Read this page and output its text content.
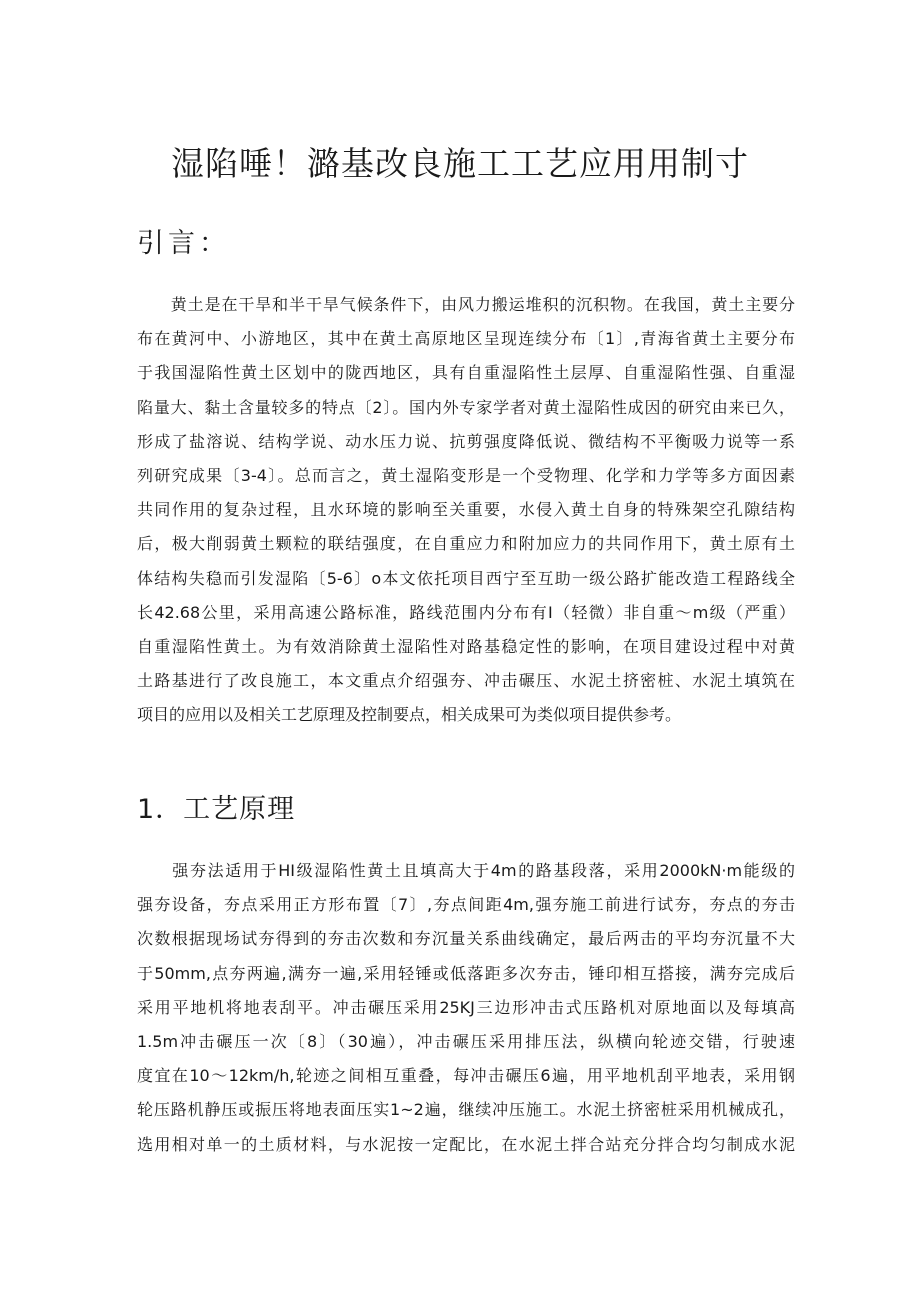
湿陷唾！潞基改良施工工艺应用用制寸
引言：
　　黄土是在干旱和半干旱气候条件下，由风力搬运堆积的沉积物。在我国，黄土主要分
布在黄河中、小游地区，其中在黄土高原地区呈现连续分布〔1〕,青海省黄土主要分布
于我国湿陷性黄土区划中的陇西地区，具有自重湿陷性土层厚、自重湿陷性强、自重湿
陷量大、黏土含量较多的特点〔2〕。国内外专家学者对黄土湿陷性成因的研究由来已久，
形成了盐溶说、结构学说、动水压力说、抗剪强度降低说、微结构不平衡吸力说等一系
列研究成果〔3-4〕。总而言之，黄土湿陷变形是一个受物理、化学和力学等多方面因素
共同作用的复杂过程，且水环境的影响至关重要，水侵入黄土自身的特殊架空孔隙结构
后，极大削弱黄土颗粒的联结强度，在自重应力和附加应力的共同作用下，黄土原有土
体结构失稳而引发湿陷〔5-6〕o本文依托项目西宁至互助一级公路扩能改造工程路线全
长42.68公里，采用高速公路标准，路线范围内分布有I（轻微）非自重～m级（严重）
自重湿陷性黄土。为有效消除黄土湿陷性对路基稳定性的影响，在项目建设过程中对黄
土路基进行了改良施工，本文重点介绍强夯、冲击碾压、水泥土挤密桩、水泥土填筑在
项目的应用以及相关工艺原理及控制要点，相关成果可为类似项目提供参考。
1．工艺原理
　　强夯法适用于HI级湿陷性黄土且填高大于4m的路基段落，采用2000kN·m能级的
强夯设备，夯点采用正方形布置〔7〕,夯点间距4m,强夯施工前进行试夯，夯点的夯击
次数根据现场试夯得到的夯击次数和夯沉量关系曲线确定，最后两击的平均夯沉量不大
于50mm,点夯两遍,满夯一遍,采用轻锤或低落距多次夯击，锤印相互搭接，满夯完成后
采用平地机将地表刮平。冲击碾压采用25KJ三边形冲击式压路机对原地面以及每填高
1.5m冲击碾压一次〔8〕（30遍），冲击碾压采用排压法，纵横向轮迹交错，行驶速
度宜在10～12km/h,轮迹之间相互重叠，每冲击碾压6遍，用平地机刮平地表，采用钢
轮压路机静压或振压将地表面压实1~2遍，继续冲压施工。水泥土挤密桩采用机械成孔，
选用相对单一的土质材料，与水泥按一定配比，在水泥土拌合站充分拌合均匀制成水泥
